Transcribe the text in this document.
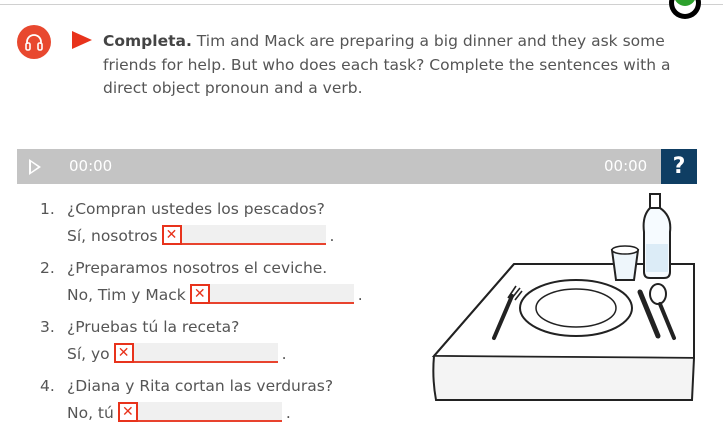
Completa. Tim and Mack are preparing a big dinner and they ask some friends for help. But who does each task? Complete the sentences with a direct object pronoun and a verb.
00:00	00:00	?
1. ¿Compran ustedes los pescados?
Sí, nosotros ✕	.
2. ¿Preparamos nosotros el ceviche.
No, Tim y Mack ✕	.
3. ¿Pruebas tú la receta?
Sí, yo ✕	.
4. ¿Diana y Rita cortan las verduras?
No, tú ✕	.
